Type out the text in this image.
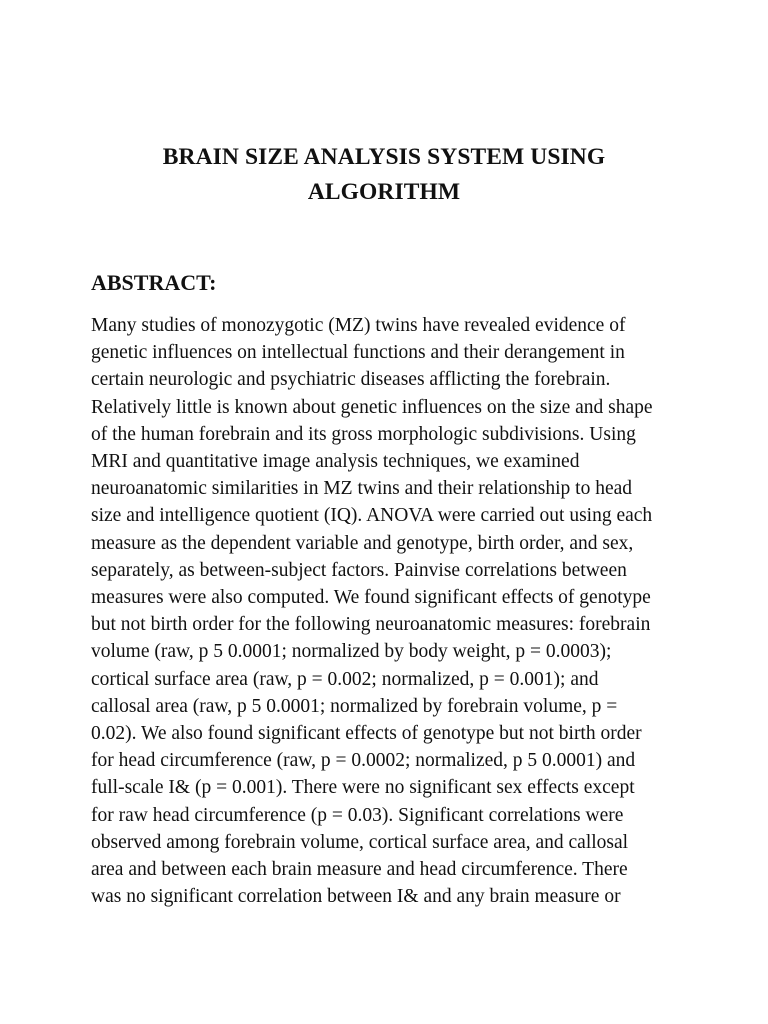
BRAIN SIZE ANALYSIS SYSTEM USING
ALGORITHM
ABSTRACT:
Many studies of monozygotic (MZ) twins have revealed evidence of
genetic influences on intellectual functions and their derangement in
certain neurologic and psychiatric diseases afflicting the forebrain.
Relatively little is known about genetic influences on the size and shape
of the human forebrain and its gross morphologic subdivisions. Using
MRI and quantitative image analysis techniques, we examined
neuroanatomic similarities in MZ twins and their relationship to head
size and intelligence quotient (IQ). ANOVA were carried out using each
measure as the dependent variable and genotype, birth order, and sex,
separately, as between-subject factors. Painvise correlations between
measures were also computed. We found significant effects of genotype
but not birth order for the following neuroanatomic measures: forebrain
volume (raw, p 5 0.0001; normalized by body weight, p = 0.0003);
cortical surface area (raw, p = 0.002; normalized, p = 0.001); and
callosal area (raw, p 5 0.0001; normalized by forebrain volume, p =
0.02). We also found significant effects of genotype but not birth order
for head circumference (raw, p = 0.0002; normalized, p 5 0.0001) and
full-scale I& (p = 0.001). There were no significant sex effects except
for raw head circumference (p = 0.03). Significant correlations were
observed among forebrain volume, cortical surface area, and callosal
area and between each brain measure and head circumference. There
was no significant correlation between I& and any brain measure or
